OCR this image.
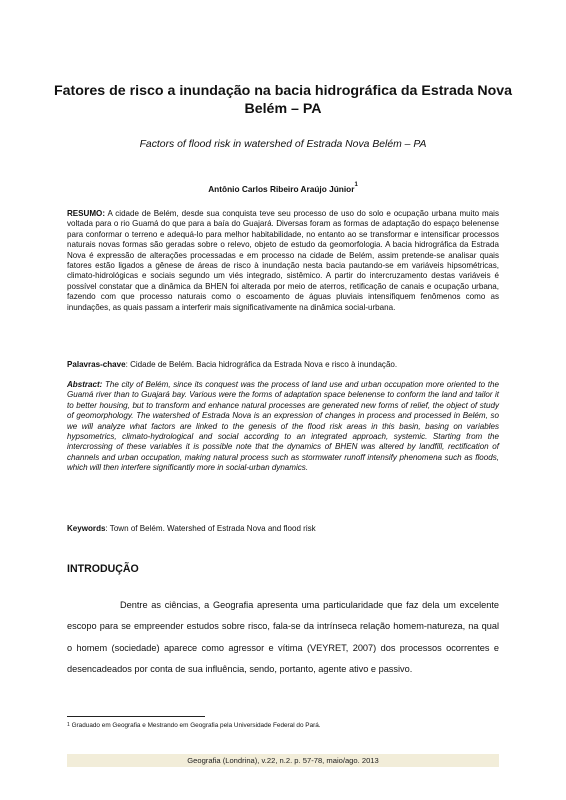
Fatores de risco a inundação na bacia hidrográfica da Estrada Nova Belém – PA
Factors of flood risk in watershed of Estrada Nova Belém – PA
Antônio Carlos Ribeiro Araújo Júnior$^1$
RESUMO: A cidade de Belém, desde sua conquista teve seu processo de uso do solo e ocupação urbana muito mais voltada para o rio Guamá do que para a baía do Guajará. Diversas foram as formas de adaptação do espaço belenense para conformar o terreno e adequá-lo para melhor habitabilidade, no entanto ao se transformar e intensificar processos naturais novas formas são geradas sobre o relevo, objeto de estudo da geomorfologia. A bacia hidrográfica da Estrada Nova é expressão de alterações processadas e em processo na cidade de Belém, assim pretende-se analisar quais fatores estão ligados a gênese de áreas de risco à inundação nesta bacia pautando-se em variáveis hipsométricas, climato-hidrológicas e sociais segundo um viés integrado, sistêmico. A partir do intercruzamento destas variáveis é possível constatar que a dinâmica da BHEN foi alterada por meio de aterros, retificação de canais e ocupação urbana, fazendo com que processo naturais como o escoamento de águas pluviais intensifiquem fenômenos como as inundações, as quais passam a interferir mais significativamente na dinâmica social-urbana.
Palavras-chave: Cidade de Belém. Bacia hidrográfica da Estrada Nova e risco à inundação.
Abstract: The city of Belém, since its conquest was the process of land use and urban occupation more oriented to the Guamá river than to Guajará bay. Various were the forms of adaptation space belenense to conform the land and tailor it to better housing, but to transform and enhance natural processes are generated new forms of relief, the object of study of geomorphology. The watershed of Estrada Nova is an expression of changes in process and processed in Belém, so we will analyze what factors are linked to the genesis of the flood risk areas in this basin, basing on variables hypsometrics, climato-hydrological and social according to an integrated approach, systemic. Starting from the intercrossing of these variables it is possible note that the dynamics of BHEN was altered by landfill, rectification of channels and urban occupation, making natural process such as stormwater runoff intensify phenomena such as floods, which will then interfere significantly more in social-urban dynamics.
Keywords: Town of Belém. Watershed of Estrada Nova and flood risk
INTRODUÇÃO
Dentre as ciências, a Geografia apresenta uma particularidade que faz dela um excelente escopo para se empreender estudos sobre risco, fala-se da intrínseca relação homem-natureza, na qual o homem (sociedade) aparece como agressor e vítima (VEYRET, 2007) dos processos ocorrentes e desencadeados por conta de sua influência, sendo, portanto, agente ativo e passivo.
$^1$ Graduado em Geografia e Mestrando em Geografia pela Universidade Federal do Pará.
Geografia (Londrina), v.22, n.2. p. 57-78, maio/ago. 2013
